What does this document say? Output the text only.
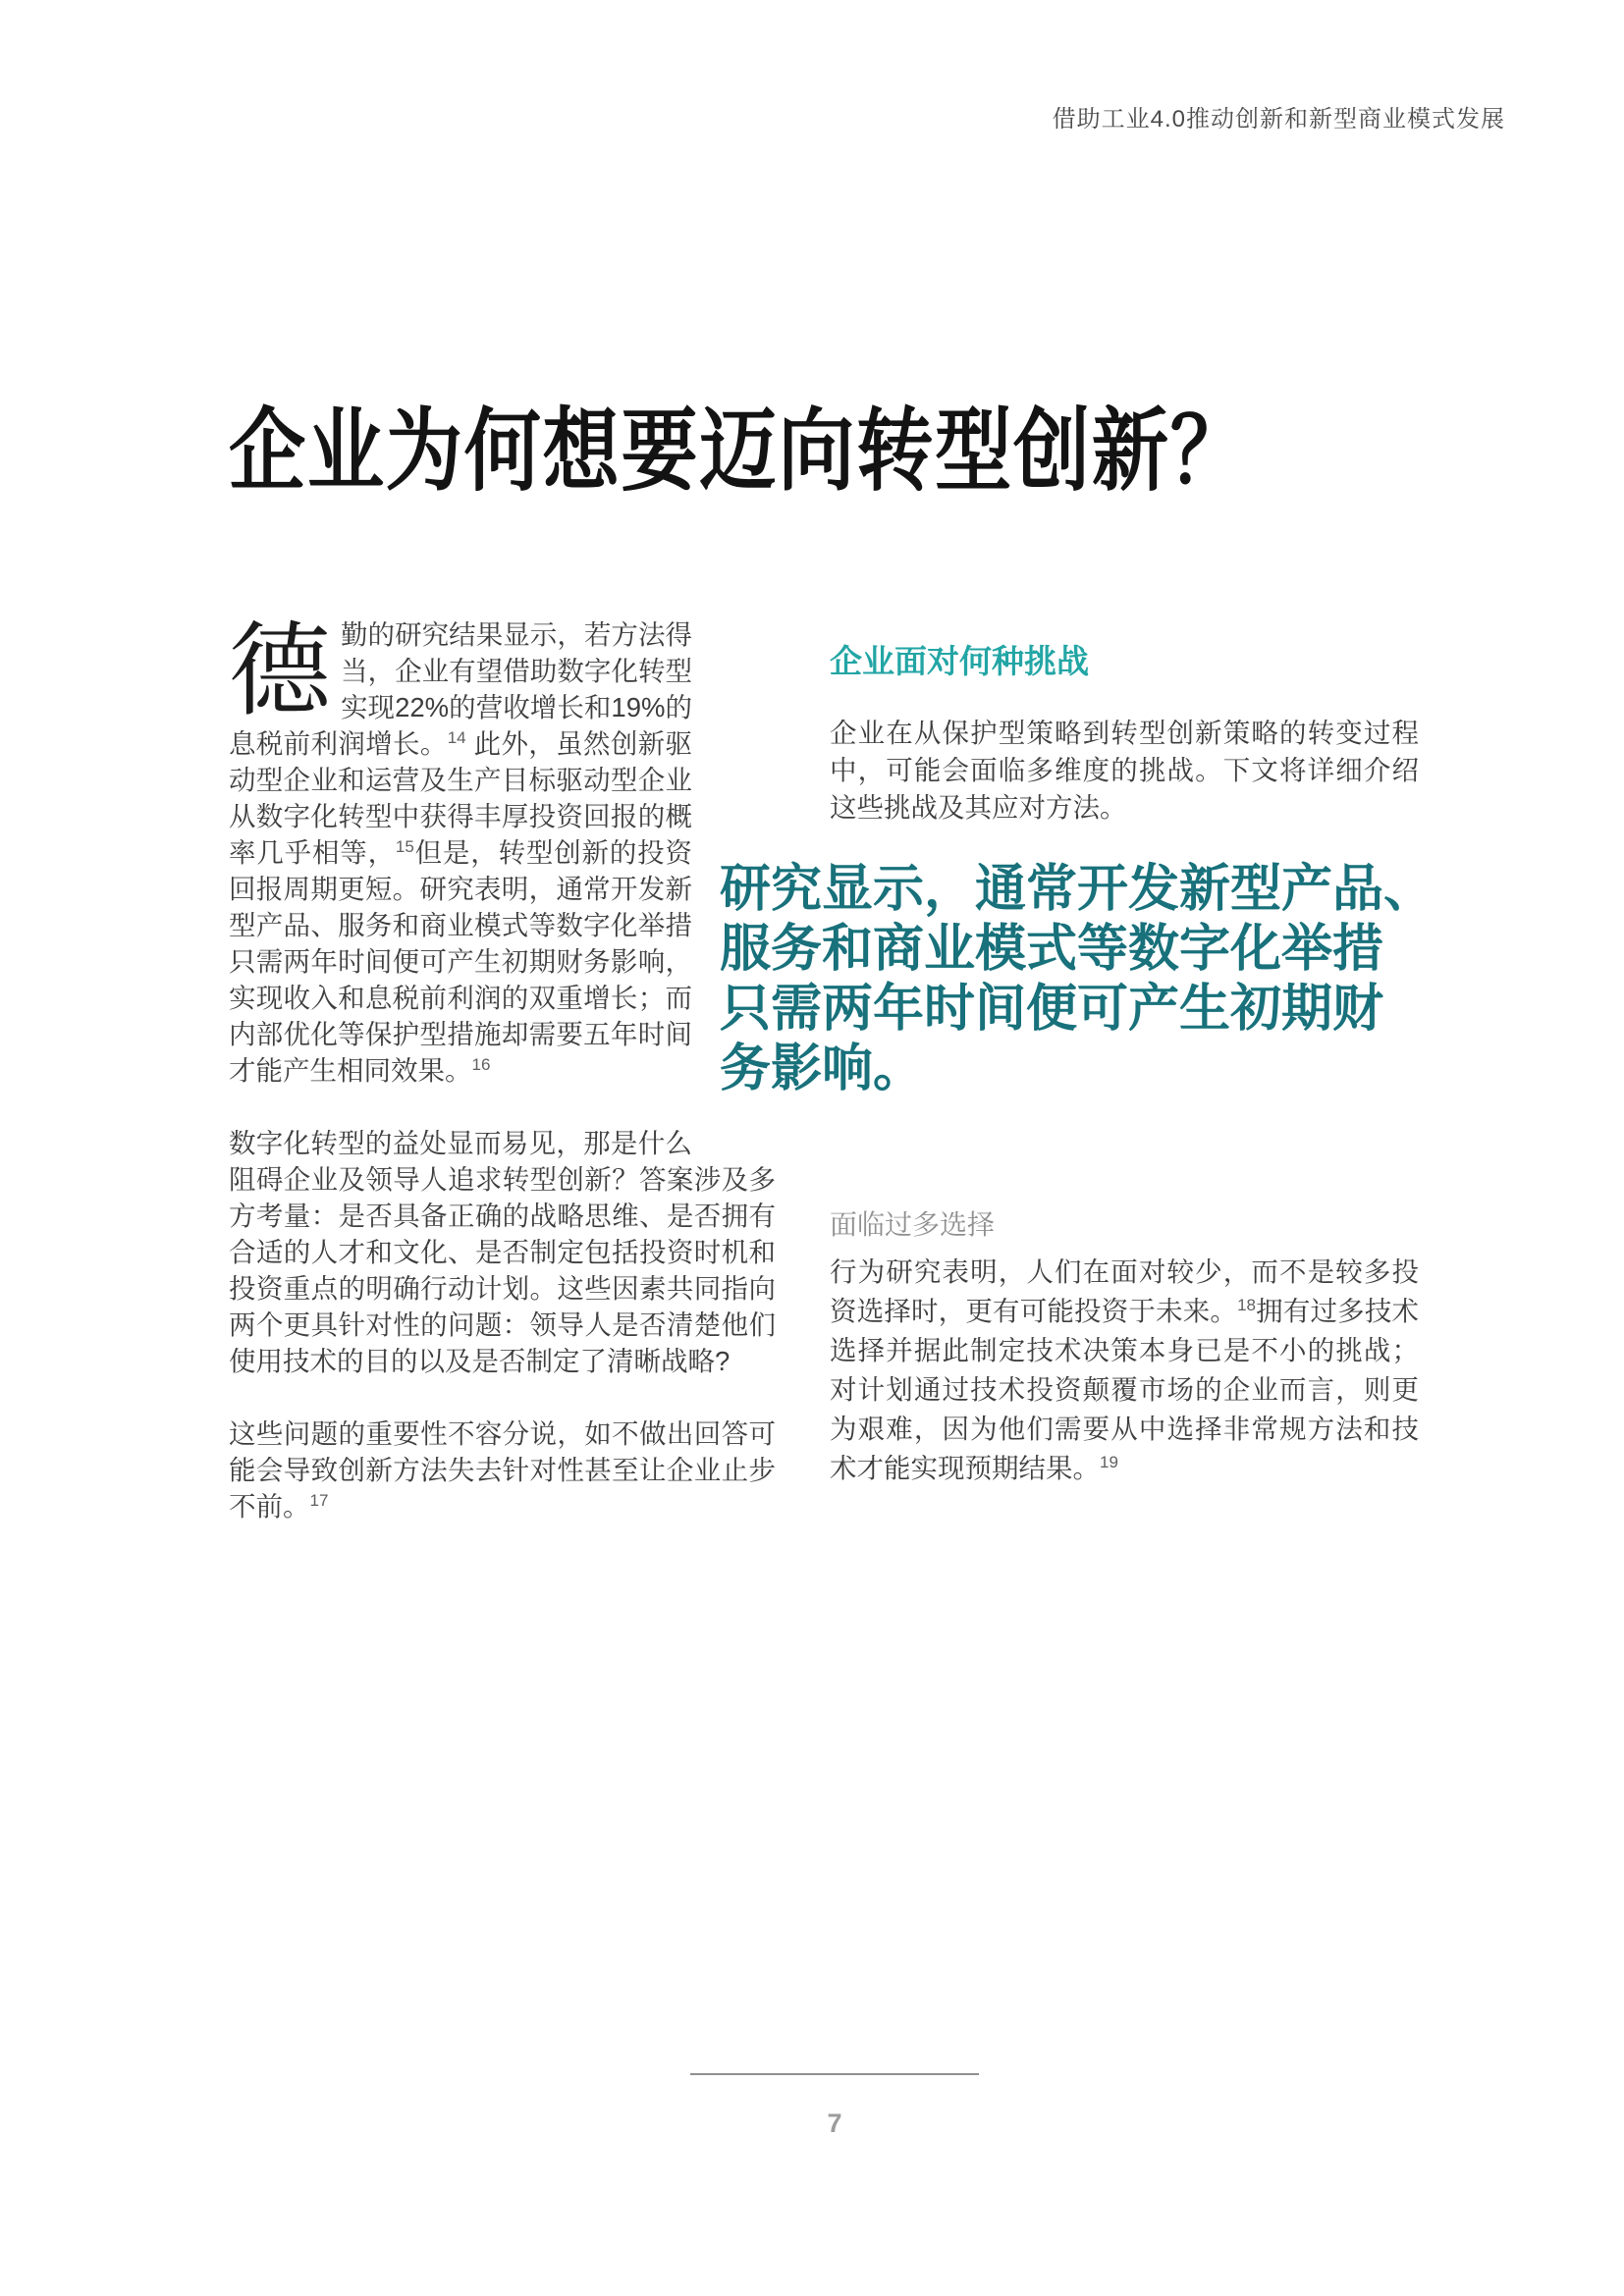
借助工业4.0推动创新和新型商业模式发展
企业为何想要迈向转型创新？

德 勤的研究结果显示，若方法得当，企业有望借助数字化转型实现22%的营收增长和19%的息税前利润增长。$^{14}$ 此外，虽然创新驱动型企业和运营及生产目标驱动型企业从数字化转型中获得丰厚投资回报的概率几乎相等，$^{15}$但是，转型创新的投资回报周期更短。研究表明，通常开发新型产品、服务和商业模式等数字化举措只需两年时间便可产生初期财务影响，实现收入和息税前利润的双重增长；而内部优化等保护型措施却需要五年时间才能产生相同效果。$^{16}$

数字化转型的益处显而易见，那是什么阻碍企业及领导人追求转型创新？答案涉及多方考量：是否具备正确的战略思维、是否拥有合适的人才和文化、是否制定包括投资时机和投资重点的明确行动计划。这些因素共同指向两个更具针对性的问题：领导人是否清楚他们使用技术的目的以及是否制定了清晰战略?

这些问题的重要性不容分说，如不做出回答可能会导致创新方法失去针对性甚至让企业止步不前。$^{17}$

研究显示，通常开发新型产品、
服务和商业模式等数字化举措
只需两年时间便可产生初期财
务影响。
企业面对何种挑战

企业在从保护型策略到转型创新策略的转变过程中，可能会面临多维度的挑战。下文将详细介绍这些挑战及其应对方法。

面临过多选择

行为研究表明，人们在面对较少，而不是较多投资选择时，更有可能投资于未来。$^{18}$拥有过多技术选择并据此制定技术决策本身已是不小的挑战；对计划通过技术投资颠覆市场的企业而言，则更为艰难，因为他们需要从中选择非常规方法和技术才能实现预期结果。$^{19}$

7
